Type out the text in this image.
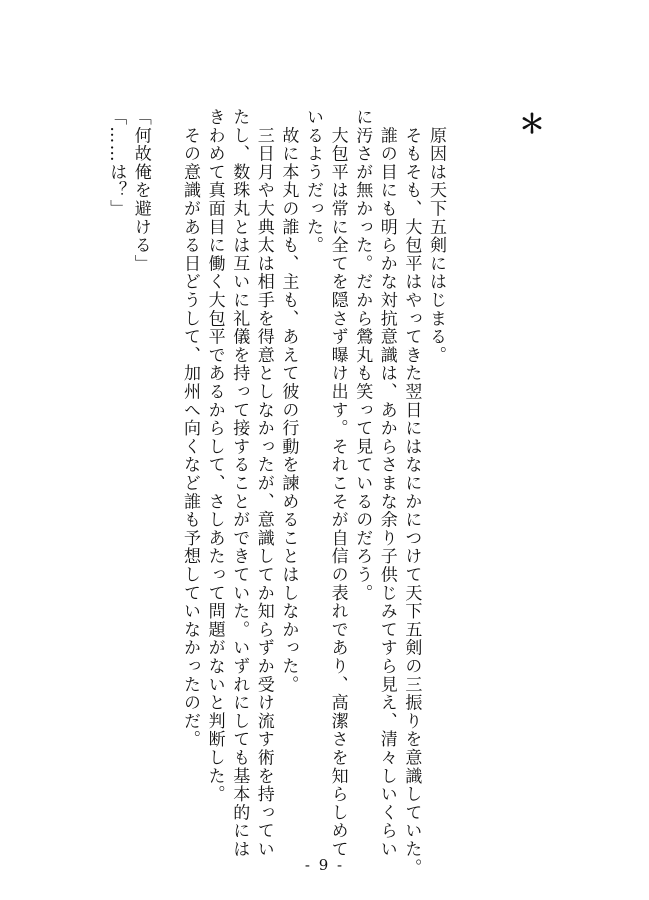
＊
　原因は天下五剣にはじまる。
　そもそも、大包平はやってきた翌日にはなにかにつけて天下五剣の三振りを意識していた。
　誰の目にも明らかな対抗意識は、あからさまな余り子供じみてすら見え、清々しいくらい
に汚さが無かった。だから鶯丸も笑って見ているのだろう。
　大包平は常に全てを隠さず曝け出す。それこそが自信の表れであり、高潔さを知らしめて
いるようだった。
　故に本丸の誰も、主も、あえて彼の行動を諫めることはしなかった。
　三日月や大典太は相手を得意としなかったが、意識してか知らずか受け流す術を持ってい
たし、数珠丸とは互いに礼儀を持って接することができていた。いずれにしても基本的には
きわめて真面目に働く大包平であるからして、さしあたって問題がないと判断した。
　その意識がある日どうして、加州へ向くなど誰も予想していなかったのだ。
「何故俺を避ける」
「……は？」
- 9 -
